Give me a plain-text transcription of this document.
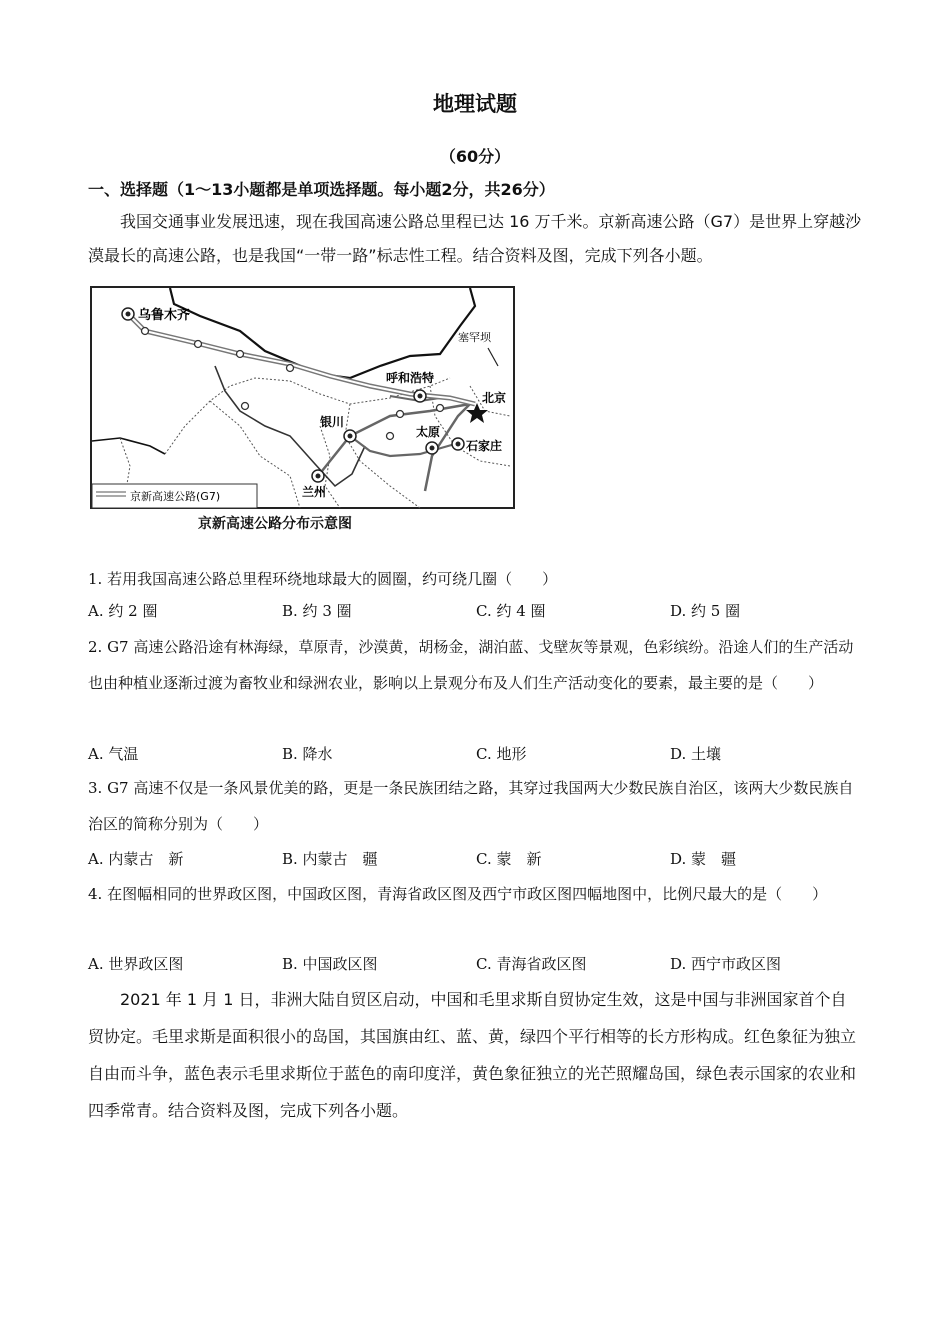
地理试题
（60分）
一、选择题（1～13小题都是单项选择题。每小题2分，共26分）
我国交通事业发展迅速，现在我国高速公路总里程已达 16 万千米。京新高速公路（G7）是世界上穿越沙漠最长的高速公路，也是我国“一带一路”标志性工程。结合资料及图，完成下列各小题。
乌鲁木齐
塞罕坝
呼和浩特
北京
银川
太原
石家庄
兰州
京新高速公路(G7)
京新高速公路分布示意图
1. 若用我国高速公路总里程环绕地球最大的圆圈，约可绕几圈（　　）
A. 约 2 圈	B. 约 3 圈	C. 约 4 圈	D. 约 5 圈
2. G7 高速公路沿途有林海绿，草原青，沙漠黄，胡杨金，湖泊蓝、戈壁灰等景观，色彩缤纷。沿途人们的生产活动也由种植业逐渐过渡为畜牧业和绿洲农业，影响以上景观分布及人们生产活动变化的要素，最主要的是（　　）
A. 气温	B. 降水	C. 地形	D. 土壤
3. G7 高速不仅是一条风景优美的路，更是一条民族团结之路，其穿过我国两大少数民族自治区，该两大少数民族自治区的简称分别为（　　）
A. 内蒙古　新	B. 内蒙古　疆	C. 蒙　新	D. 蒙　疆
4. 在图幅相同的世界政区图，中国政区图，青海省政区图及西宁市政区图四幅地图中，比例尺最大的是（　　）
A. 世界政区图	B. 中国政区图	C. 青海省政区图	D. 西宁市政区图
2021 年 1 月 1 日，非洲大陆自贸区启动，中国和毛里求斯自贸协定生效，这是中国与非洲国家首个自贸协定。毛里求斯是面积很小的岛国，其国旗由红、蓝、黄，绿四个平行相等的长方形构成。红色象征为独立自由而斗争，蓝色表示毛里求斯位于蓝色的南印度洋，黄色象征独立的光芒照耀岛国，绿色表示国家的农业和四季常青。结合资料及图，完成下列各小题。
